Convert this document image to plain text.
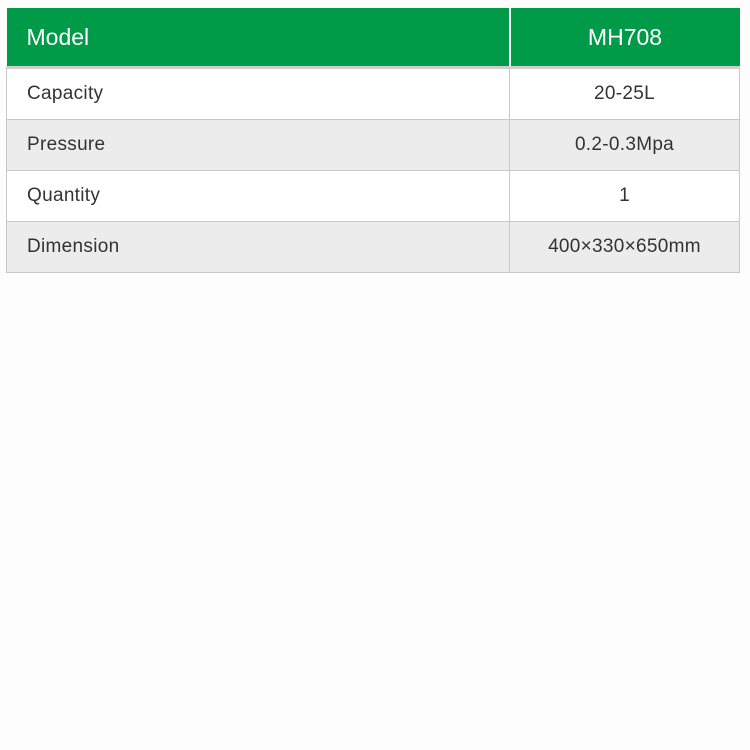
Model	MH708
Capacity	20-25L
Pressure	0.2-0.3Mpa
Quantity	1
Dimension	400×330×650mm
